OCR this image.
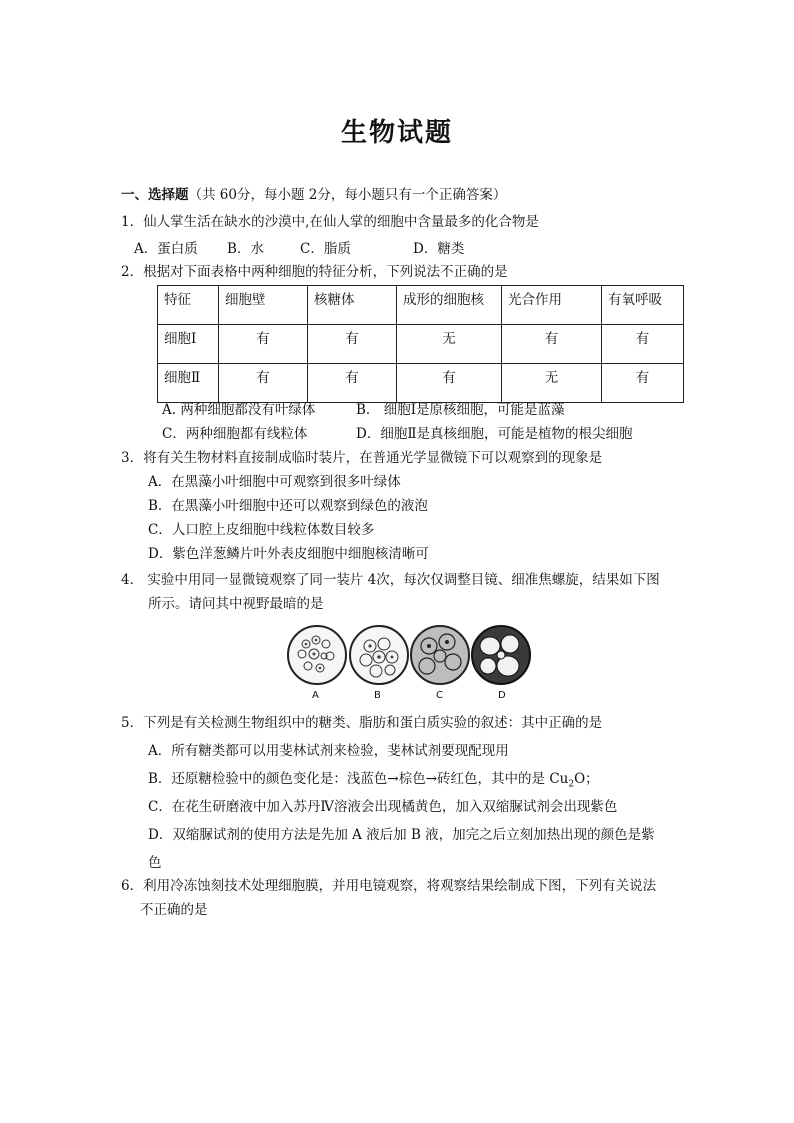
生物试题
一、选择题（共 60分，每小题 2分，每小题只有一个正确答案）
1．仙人掌生活在缺水的沙漠中,在仙人掌的细胞中含量最多的化合物是
A．蛋白质 B．水	C．脂质	D．糖类
2．根据对下面表格中两种细胞的特征分析，下列说法不正确的是
特征	细胞壁	核糖体	成形的细胞核	光合作用	有氧呼吸
细胞Ⅰ	有	有	无	有	有
细胞Ⅱ	有	有	有	无	有
A. 两种细胞都没有叶绿体	B． 细胞Ⅰ是原核细胞，可能是蓝藻
C．两种细胞都有线粒体	D．细胞Ⅱ是真核细胞，可能是植物的根尖细胞
3．将有关生物材料直接制成临时装片，在普通光学显微镜下可以观察到的现象是
A．在黑藻小叶细胞中可观察到很多叶绿体
B．在黑藻小叶细胞中还可以观察到绿色的液泡
C．人口腔上皮细胞中线粒体数目较多
D．紫色洋葱鳞片叶外表皮细胞中细胞核清晰可
4． 实验中用同一显微镜观察了同一装片 4次，每次仅调整目镜、细准焦螺旋，结果如下图
所示。请问其中视野最暗的是
A	B	C	D
5．下列是有关检测生物组织中的糖类、脂肪和蛋白质实验的叙述：其中正确的是
A．所有糖类都可以用斐林试剂来检验，斐林试剂要现配现用
B．还原糖检验中的颜色变化是：浅蓝色→棕色→砖红色，其中的是 $Cu_2O$；
C．在花生研磨液中加入苏丹Ⅳ溶液会出现橘黄色，加入双缩脲试剂会出现紫色
D．双缩脲试剂的使用方法是先加 A 液后加 B 液，加完之后立刻加热出现的颜色是紫
色
6．利用冷冻蚀刻技术处理细胞膜，并用电镜观察，将观察结果绘制成下图，下列有关说法
不正确的是
